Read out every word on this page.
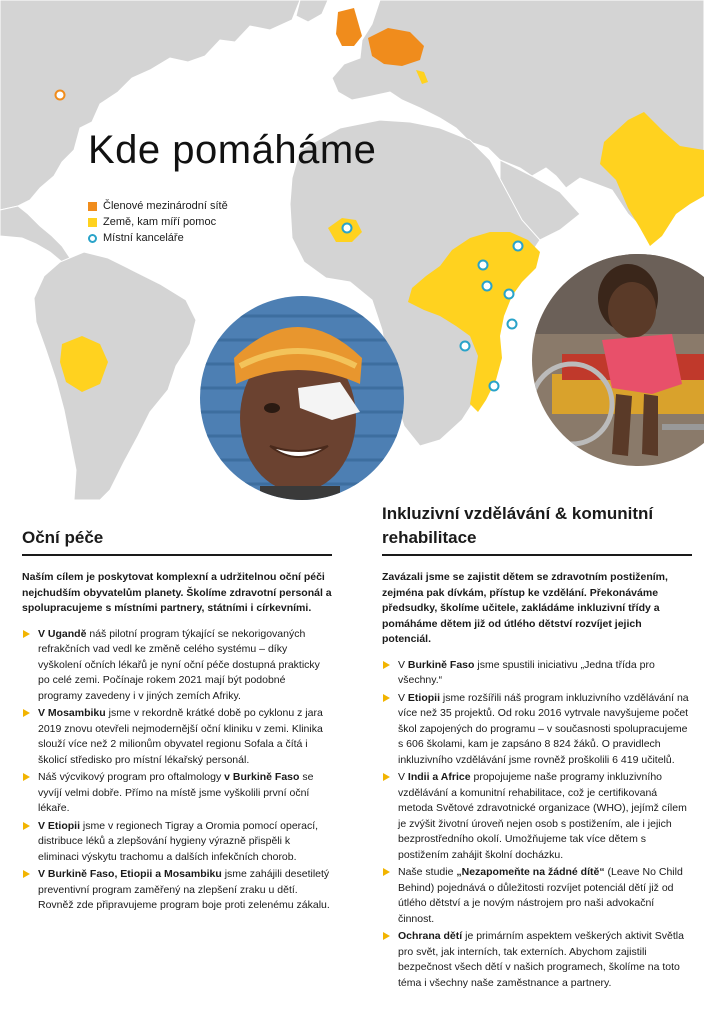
Kde pomáháme
Členové mezinárodní sítě
Země, kam míří pomoc
Místní kanceláře
Oční péče

Naším cílem je poskytovat komplexní a udržitelnou oční péči nejchudším obyvatelům planety. Školíme zdravotní personál a spolupracujeme s místními partnery, státními i církevními.

V Ugandě náš pilotní program týkající se nekorigovaných refrakčních vad vedl ke změně celého systému – díky vyškolení očních lékařů je nyní oční péče dostupná prakticky po celé zemi. Počínaje rokem 2021 mají být podobné programy zavedeny i v jiných zemích Afriky.
V Mosambiku jsme v rekordně krátké době po cyklonu z jara 2019 znovu otevřeli nejmodernější oční kliniku v zemi. Klinika slouží více než 2 milionům obyvatel regionu Sofala a čítá i školicí středisko pro místní lékařský personál.
Náš výcvikový program pro oftalmology v Burkině Faso se vyvíjí velmi dobře. Přímo na místě jsme vyškolili první oční lékaře.
V Etiopii jsme v regionech Tigray a Oromia pomocí operací, distribuce léků a zlepšování hygieny výrazně přispěli k eliminaci výskytu trachomu a dalších infekčních chorob.
V Burkině Faso, Etiopii a Mosambiku jsme zahájili desetiletý preventivní program zaměřený na zlepšení zraku u dětí. Rovněž zde připravujeme program boje proti zelenému zákalu.
Inkluzivní vzdělávání & komunitní rehabilitace

Zavázali jsme se zajistit dětem se zdravotním postižením, zejména pak dívkám, přístup ke vzdělání. Překonáváme předsudky, školíme učitele, zakládáme inkluzivní třídy a pomáháme dětem již od útlého dětství rozvíjet jejich potenciál.

V Burkině Faso jsme spustili iniciativu „Jedna třída pro všechny.“
V Etiopii jsme rozšířili náš program inkluzivního vzdělávání na více než 35 projektů. Od roku 2016 vytrvale navyšujeme počet škol zapojených do programu – v současnosti spolupracujeme s 606 školami, kam je zapsáno 8 824 žáků. O pravidlech inkluzivního vzdělávání jsme rovněž proškolili 6 419 učitelů.
V Indii a Africe propojujeme naše programy inkluzivního vzdělávání a komunitní rehabilitace, což je certifikovaná metoda Světové zdravotnické organizace (WHO), jejímž cílem je zvýšit životní úroveň nejen osob s postižením, ale i jejich bezprostředního okolí. Umožňujeme tak více dětem s postižením zahájit školní docházku.
Naše studie „Nezapomeňte na žádné dítě“ (Leave No Child Behind) pojednává o důležitosti rozvíjet potenciál dětí již od útlého dětství a je novým nástrojem pro naši advokační činnost.
Ochrana dětí je primárním aspektem veškerých aktivit Světla pro svět, jak interních, tak externích. Abychom zajistili bezpečnost všech dětí v našich programech, školíme na toto téma i všechny naše zaměstnance a partnery.
